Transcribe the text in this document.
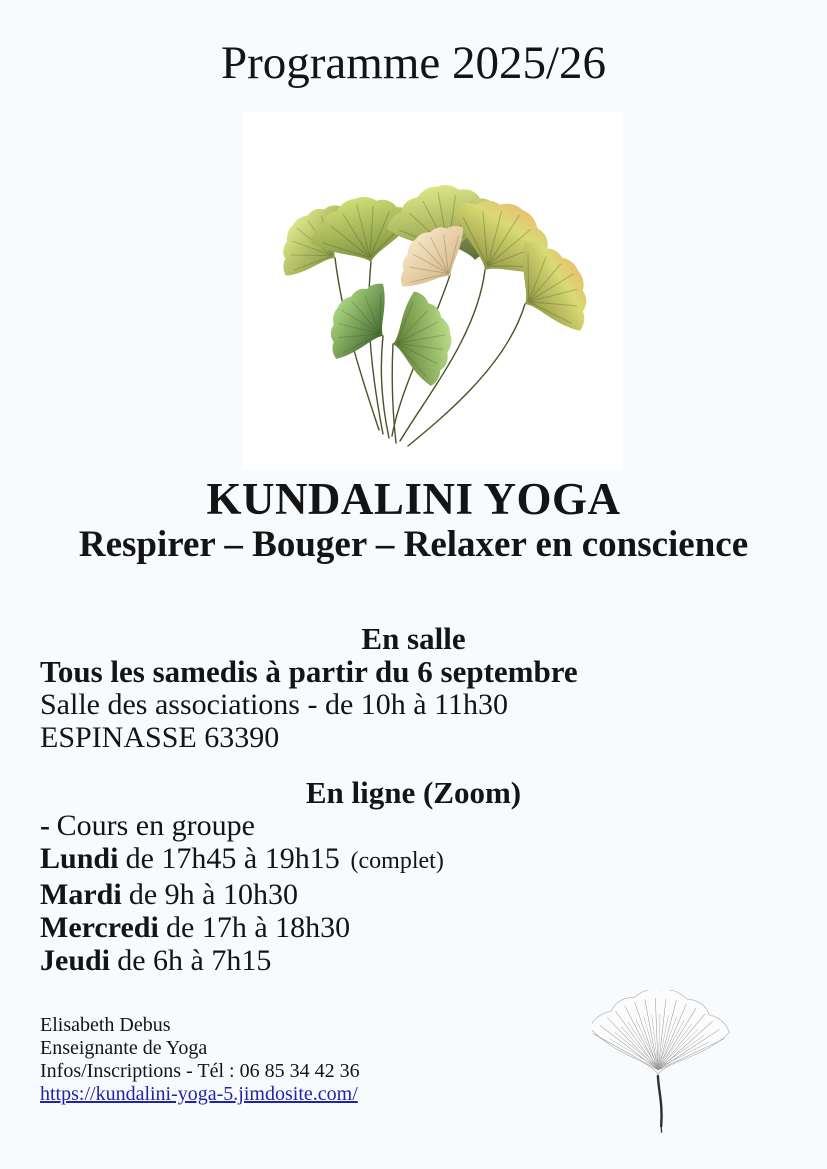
Programme 2025/26
KUNDALINI YOGA
Respirer – Bouger – Relaxer en conscience
En salle
Tous les samedis à partir du 6 septembre
Salle des associations - de 10h à 11h30
ESPINASSE 63390
En ligne (Zoom)
- Cours en groupe
Lundi de 17h45 à 19h15 (complet)
Mardi de 9h à 10h30
Mercredi de 17h à 18h30
Jeudi de 6h à 7h15
Elisabeth Debus
Enseignante de Yoga
Infos/Inscriptions - Tél : 06 85 34 42 36
https://kundalini-yoga-5.jimdosite.com/
